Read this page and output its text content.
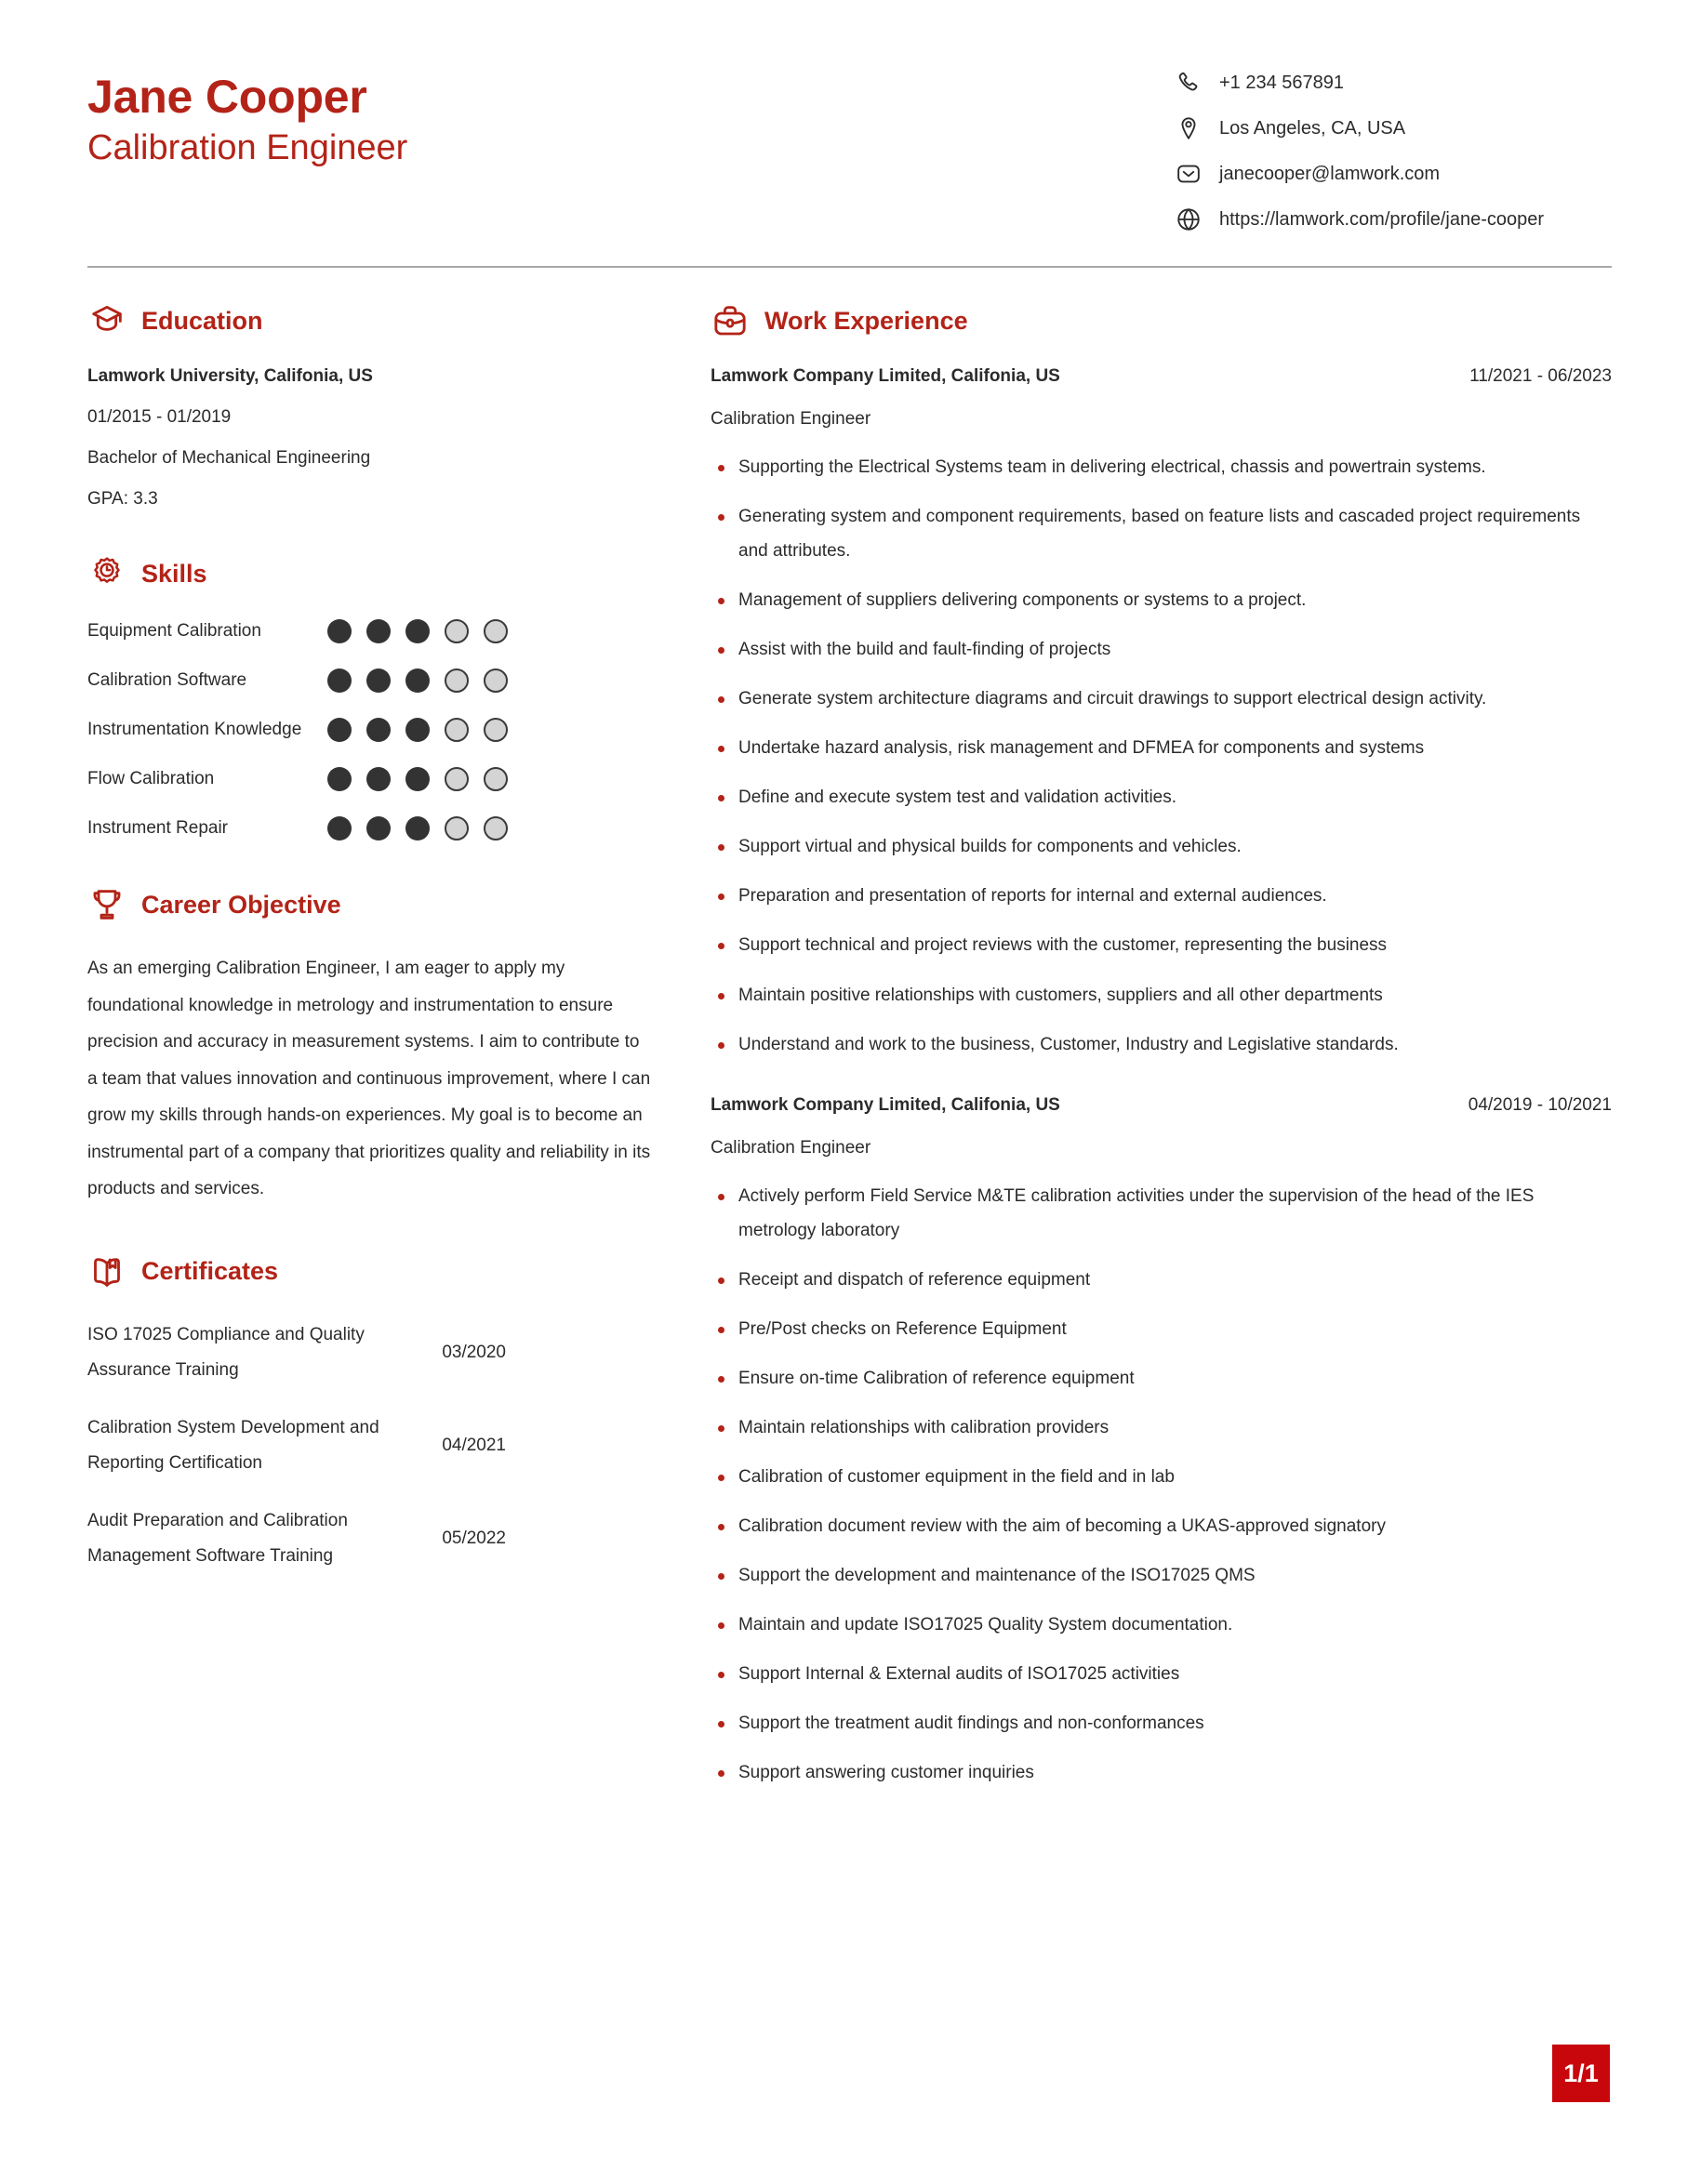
Jane Cooper
Calibration Engineer
+1 234 567891
Los Angeles, CA, USA
janecooper@lamwork.com
https://lamwork.com/profile/jane-cooper
Education
Lamwork University, Califonia, US
01/2015 - 01/2019
Bachelor of Mechanical Engineering
GPA: 3.3
Skills
Equipment Calibration
Calibration Software
Instrumentation Knowledge
Flow Calibration
Instrument Repair
Career Objective
As an emerging Calibration Engineer, I am eager to apply my foundational knowledge in metrology and instrumentation to ensure precision and accuracy in measurement systems. I aim to contribute to a team that values innovation and continuous improvement, where I can grow my skills through hands-on experiences. My goal is to become an instrumental part of a company that prioritizes quality and reliability in its products and services.
Certificates
ISO 17025 Compliance and Quality Assurance Training
03/2020
Calibration System Development and Reporting Certification
04/2021
Audit Preparation and Calibration Management Software Training
05/2022
Work Experience
Lamwork Company Limited, Califonia, US	11/2021 - 06/2023
Calibration Engineer
Supporting the Electrical Systems team in delivering electrical, chassis and powertrain systems.
Generating system and component requirements, based on feature lists and cascaded project requirements and attributes.
Management of suppliers delivering components or systems to a project.
Assist with the build and fault-finding of projects
Generate system architecture diagrams and circuit drawings to support electrical design activity.
Undertake hazard analysis, risk management and DFMEA for components and systems
Define and execute system test and validation activities.
Support virtual and physical builds for components and vehicles.
Preparation and presentation of reports for internal and external audiences.
Support technical and project reviews with the customer, representing the business
Maintain positive relationships with customers, suppliers and all other departments
Understand and work to the business, Customer, Industry and Legislative standards.
Lamwork Company Limited, Califonia, US	04/2019 - 10/2021
Calibration Engineer
Actively perform Field Service M&TE calibration activities under the supervision of the head of the IES metrology laboratory
Receipt and dispatch of reference equipment
Pre/Post checks on Reference Equipment
Ensure on-time Calibration of reference equipment
Maintain relationships with calibration providers
Calibration of customer equipment in the field and in lab
Calibration document review with the aim of becoming a UKAS-approved signatory
Support the development and maintenance of the ISO17025 QMS
Maintain and update ISO17025 Quality System documentation.
Support Internal & External audits of ISO17025 activities
Support the treatment audit findings and non-conformances
Support answering customer inquiries
1/1
